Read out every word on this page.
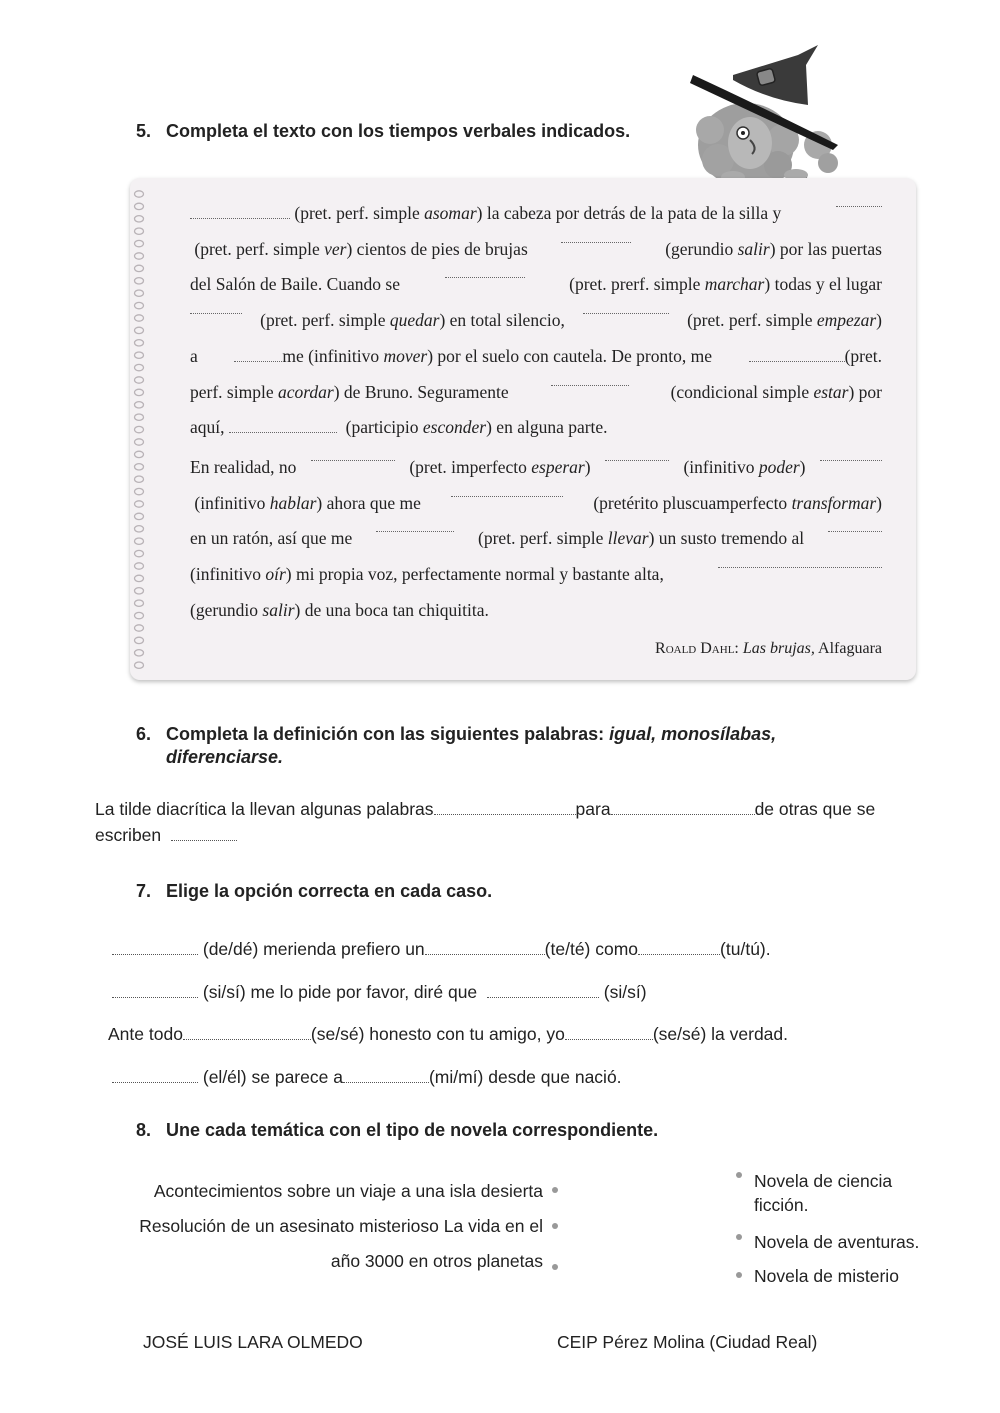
5. Completa el texto con los tiempos verbales indicados.
(pret. perf. simple asomar) la cabeza por detrás de la pata de la silla y
(pret. perf. simple ver) cientos de pies de brujas	(gerundio salir) por las puertas
del Salón de Baile. Cuando se	(pret. prerf. simple marchar) todas y el lugar
(pret. perf. simple quedar) en total silencio,	(pret. perf. simple empezar)
a	me (infinitivo mover) por el suelo con cautela. De pronto, me	(pret.
perf. simple acordar) de Bruno. Seguramente	(condicional simple estar) por
aquí,	(participio esconder) en alguna parte.
En realidad, no	(pret. imperfecto esperar)	(infinitivo poder)
(infinitivo hablar) ahora que me	(pretérito pluscuamperfecto transformar)
en un ratón, así que me	(pret. perf. simple llevar) un susto tremendo al
(infinitivo oír) mi propia voz, perfectamente normal y bastante alta,
(gerundio salir) de una boca tan chiquitita.
Roald Dahl: Las brujas, Alfaguara
6. Completa la definición con las siguientes palabras: igual, monosílabas,
diferenciarse.
La tilde diacrítica la llevan algunas palabras	para	de otras que se
escriben
7. Elige la opción correcta en cada caso.
(de/dé) merienda prefiero un	(te/té) como	(tu/tú).
(si/sí) me lo pide por favor, diré que	(si/sí)
Ante todo	(se/sé) honesto con tu amigo, yo	(se/sé) la verdad.
(el/él) se parece a	(mi/mí) desde que nació.
8. Une cada temática con el tipo de novela correspondiente.
Acontecimientos sobre un viaje a una isla desierta
Resolución de un asesinato misterioso La vida en el
año 3000 en otros planetas
Novela de ciencia
ficción.
Novela de aventuras.
Novela de misterio
JOSÉ LUIS LARA OLMEDO	CEIP Pérez Molina (Ciudad Real)
